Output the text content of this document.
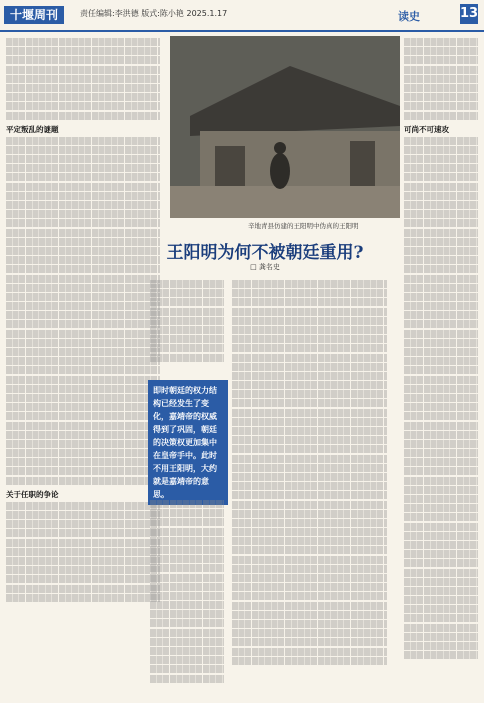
十堰周刊	责任编辑:李洪德 版式:陈小艳 2025.1.17	读史	13
平定叛乱的谜题
关于任职的争论
辛地青县仿建的王阳明中伪真的王阳明
王阳明为何不被朝廷重用?
□ 龚名史
即时朝廷的权力结构已经发生了变化，嘉靖帝的权威得到了巩固，朝廷的决策权更加集中在皇帝手中。此时不用王阳明，大约就是嘉靖帝的意思。
可尚不可速攻
